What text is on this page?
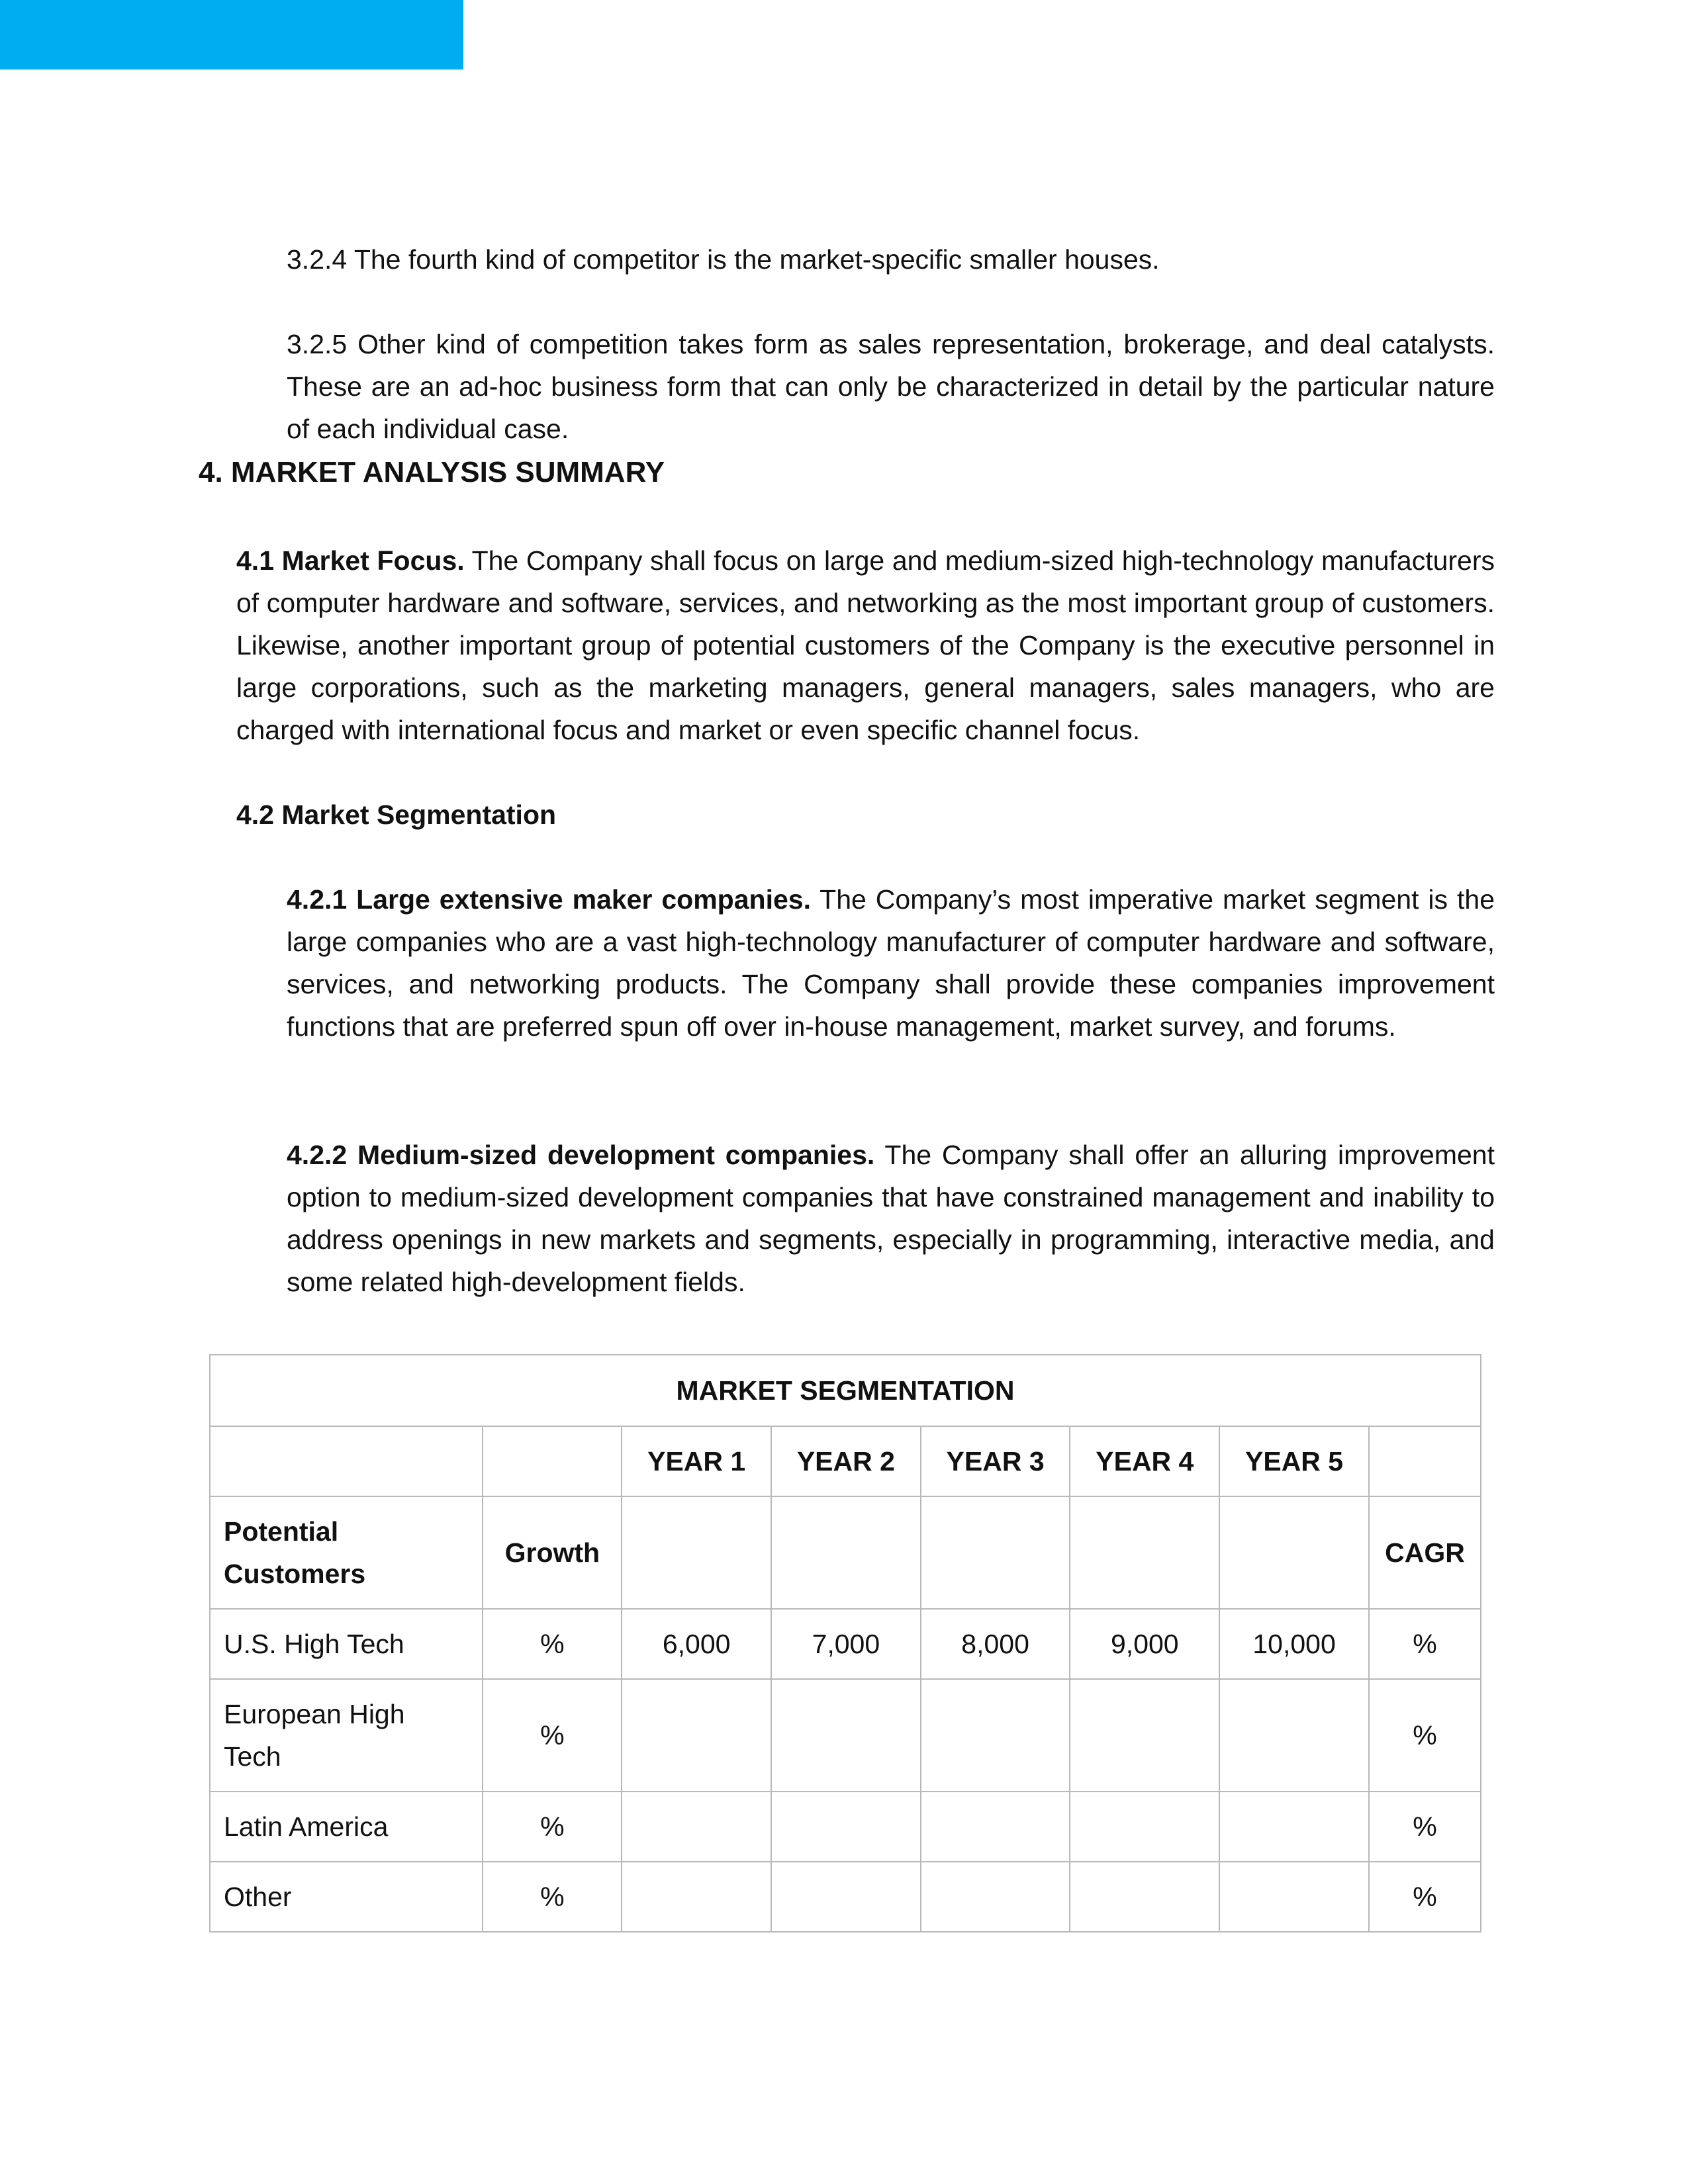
3.2.4 The fourth kind of competitor is the market-specific smaller houses.

3.2.5 Other kind of competition takes form as sales representation, brokerage, and deal catalysts. These are an ad-hoc business form that can only be characterized in detail by the particular nature of each individual case.

4. MARKET ANALYSIS SUMMARY

4.1 Market Focus. The Company shall focus on large and medium-sized high-technology manufacturers of computer hardware and software, services, and networking as the most important group of customers. Likewise, another important group of potential customers of the Company is the executive personnel in large corporations, such as the marketing managers, general managers, sales managers, who are charged with international focus and market or even specific channel focus.

4.2 Market Segmentation

4.2.1 Large extensive maker companies. The Company’s most imperative market segment is the large companies who are a vast high-technology manufacturer of computer hardware and software, services, and networking products. The Company shall provide these companies improvement functions that are preferred spun off over in-house management, market survey, and forums.

4.2.2 Medium-sized development companies. The Company shall offer an alluring improvement option to medium-sized development companies that have constrained management and inability to address openings in new markets and segments, especially in programming, interactive media, and some related high-development fields.

MARKET SEGMENTATION							
		YEAR 1	YEAR 2	YEAR 3	YEAR 4	YEAR 5	
Potential Customers	Growth						CAGR
U.S. High Tech	%	6,000	7,000	8,000	9,000	10,000	%
European High Tech	%						%
Latin America	%						%
Other	%						%
